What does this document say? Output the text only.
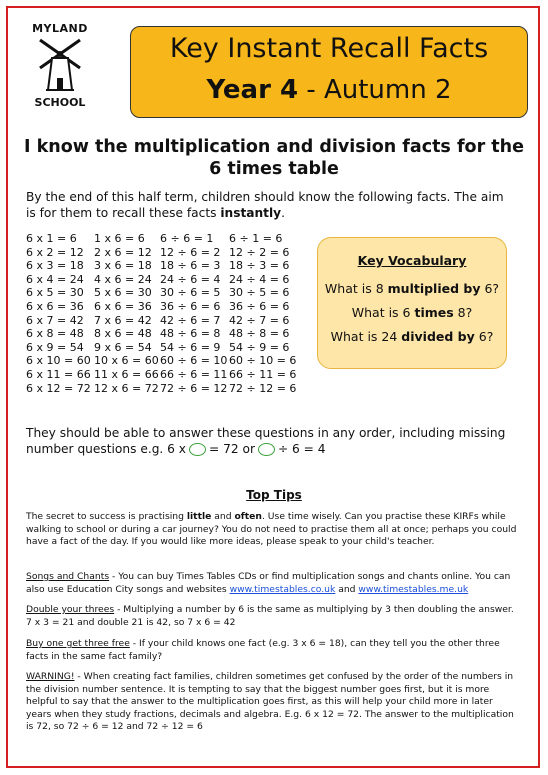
MYLAND
SCHOOL
Key Instant Recall Facts
Year 4 - Autumn 2
I know the multiplication and division facts for the
6 times table
By the end of this half term, children should know the following facts. The aim is for them to recall these facts instantly.
6 x 1 = 6
6 x 2 = 12
6 x 3 = 18
6 x 4 = 24
6 x 5 = 30
6 x 6 = 36
6 x 7 = 42
6 x 8 = 48
6 x 9 = 54
6 x 10 = 60
6 x 11 = 66
6 x 12 = 72
1 x 6 = 6
2 x 6 = 12
3 x 6 = 18
4 x 6 = 24
5 x 6 = 30
6 x 6 = 36
7 x 6 = 42
8 x 6 = 48
9 x 6 = 54
10 x 6 = 60
11 x 6 = 66
12 x 6 = 72
6 ÷ 6 = 1
12 ÷ 6 = 2
18 ÷ 6 = 3
24 ÷ 6 = 4
30 ÷ 6 = 5
36 ÷ 6 = 6
42 ÷ 6 = 7
48 ÷ 6 = 8
54 ÷ 6 = 9
60 ÷ 6 = 10
66 ÷ 6 = 11
72 ÷ 6 = 12
6 ÷ 1 = 6
12 ÷ 2 = 6
18 ÷ 3 = 6
24 ÷ 4 = 6
30 ÷ 5 = 6
36 ÷ 6 = 6
42 ÷ 7 = 6
48 ÷ 8 = 6
54 ÷ 9 = 6
60 ÷ 10 = 6
66 ÷ 11 = 6
72 ÷ 12 = 6
Key Vocabulary
What is 8 multiplied by 6?
What is 6 times 8?
What is 24 divided by 6?
They should be able to answer these questions in any order, including missing number questions e.g. 6 x = 72 or ÷ 6 = 4
Top Tips
The secret to success is practising little and often. Use time wisely. Can you practise these KIRFs while walking to school or during a car journey? You do not need to practise them all at once; perhaps you could have a fact of the day. If you would like more ideas, please speak to your child's teacher.
Songs and Chants - You can buy Times Tables CDs or find multiplication songs and chants online. You can also use Education City songs and websites www.timestables.co.uk and www.timestables.me.uk
Double your threes - Multiplying a number by 6 is the same as multiplying by 3 then doubling the answer. 7 x 3 = 21 and double 21 is 42, so 7 x 6 = 42
Buy one get three free - If your child knows one fact (e.g. 3 x 6 = 18), can they tell you the other three facts in the same fact family?
WARNING! - When creating fact families, children sometimes get confused by the order of the numbers in the division number sentence. It is tempting to say that the biggest number goes first, but it is more helpful to say that the answer to the multiplication goes first, as this will help your child more in later years when they study fractions, decimals and algebra. E.g. 6 x 12 = 72. The answer to the multiplication is 72, so 72 ÷ 6 = 12 and 72 ÷ 12 = 6
